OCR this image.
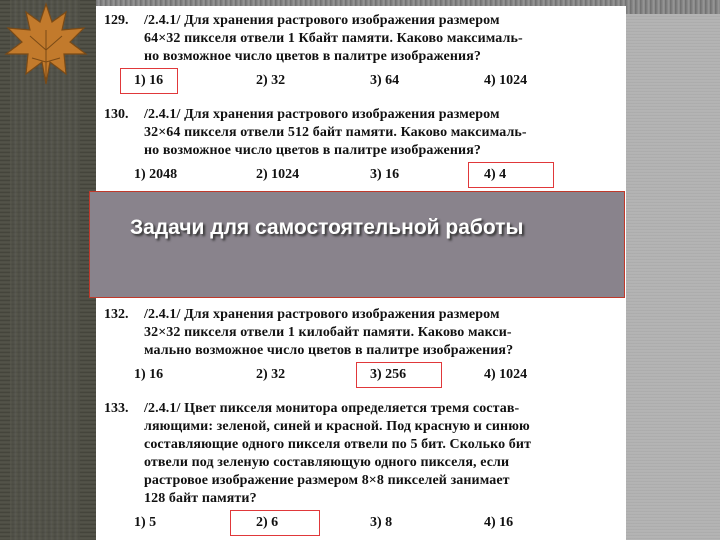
129.	/2.4.1/ Для хранения растрового изображения размером
64×32 пикселя отвели 1 Кбайт памяти. Каково максималь-
но возможное число цветов в палитре изображения?
1) 16	2) 32	3) 64	4) 1024
130.	/2.4.1/ Для хранения растрового изображения размером
32×64 пикселя отвели 512 байт памяти. Каково максималь-
но возможное число цветов в палитре изображения?
1) 2048	2) 1024	3) 16	4) 4
132.	/2.4.1/ Для хранения растрового изображения размером
32×32 пикселя отвели 1 килобайт памяти. Каково макси-
мально возможное число цветов в палитре изображения?
1) 16	2) 32	3) 256	4) 1024
133.	/2.4.1/ Цвет пикселя монитора определяется тремя состав-
ляющими: зеленой, синей и красной. Под красную и синюю
составляющие одного пикселя отвели по 5 бит. Сколько бит
отвели под зеленую составляющую одного пикселя, если
растровое изображение размером 8×8 пикселей занимает
128 байт памяти?
1) 5	2) 6	3) 8	4) 16
Задачи для самостоятельной работы
